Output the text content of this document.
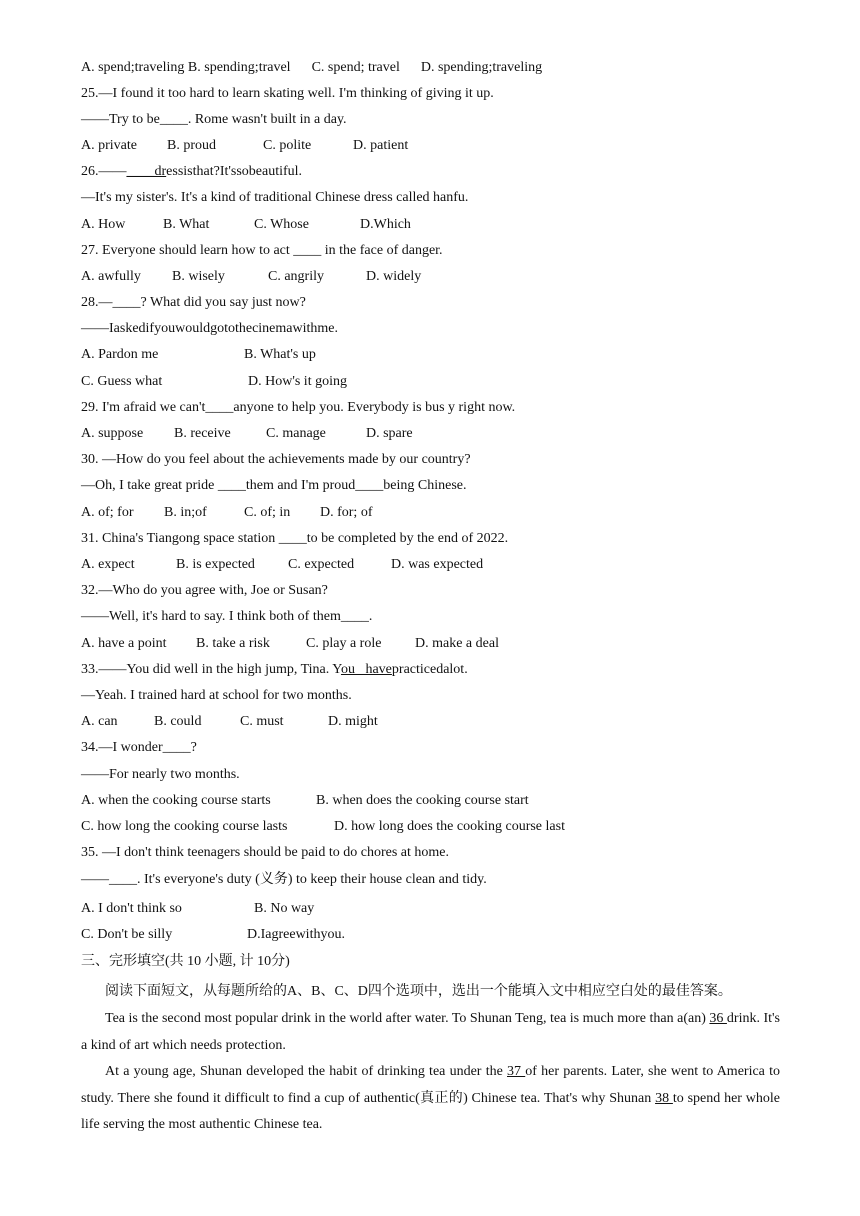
A. spend;traveling B. spending;travel      C. spend; travel      D. spending;traveling
25.—I found it too hard to learn skating well. I'm thinking of giving it up.
——Try to be____. Rome wasn't built in a day.
A. private B. proud	C. polite	D. patient
26.——____dressisthat?It'ssobeautiful.
—It's my sister's. It's a kind of traditional Chinese dress called hanfu.
A. How	B. What	C. Whose	D.Which
27. Everyone should learn how to act ____ in the face of danger.
A. awfully B. wisely	C. angrily	D. widely
28.—____? What did you say just now?
——Iaskedifyouwouldgotothecinemawithme.
A. Pardon me	B. What's up
C. Guess what	D. How's it going
29. I'm afraid we can't____anyone to help you. Everybody is bus y right now.
A. suppose B. receive	C. manage	D. spare
30. —How do you feel about the achievements made by our country?
—Oh, I take great pride ____them and I'm proud____being Chinese.
A. of; for B. in;of	C. of; in D. for; of
31. China's Tiangong space station ____to be completed by the end of 2022.
A. expect	B. is expected C. expected	D. was expected
32.—Who do you agree with, Joe or Susan?
——Well, it's hard to say. I think both of them____.
A. have a point B. take a risk	C. play a role D. make a deal
33.——You did well in the high jump, Tina. You   havepracticedalot.
—Yeah. I trained hard at school for two months.
A. can	B. could	C. must	D. might
34.—I wonder____?
——For nearly two months.
A. when the cooking course starts	B. when does the cooking course start
C. how long the cooking course lasts	D. how long does the cooking course last
35. —I don't think teenagers should be paid to do chores at home.
——____. It's everyone's duty (义务) to keep their house clean and tidy.
A. I don't think so	B. No way
C. Don't be silly	D.Iagreewithyou.
三、完形填空(共 10 小题, 计 10分)
阅读下面短文，从每题所给的A、B、C、D四个选项中，选出一个能填入文中相应空白处的最佳答案。
Tea is the second most popular drink in the world after water. To Shunan Teng, tea is much more than a(an) 36 drink. It's a kind of art which needs protection.
At a young age, Shunan developed the habit of drinking tea under the 37 of her parents. Later, she went to America to study. There she found it difficult to find a cup of authentic(真正的) Chinese tea. That's why Shunan 38 to spend her whole life serving the most authentic Chinese tea.
